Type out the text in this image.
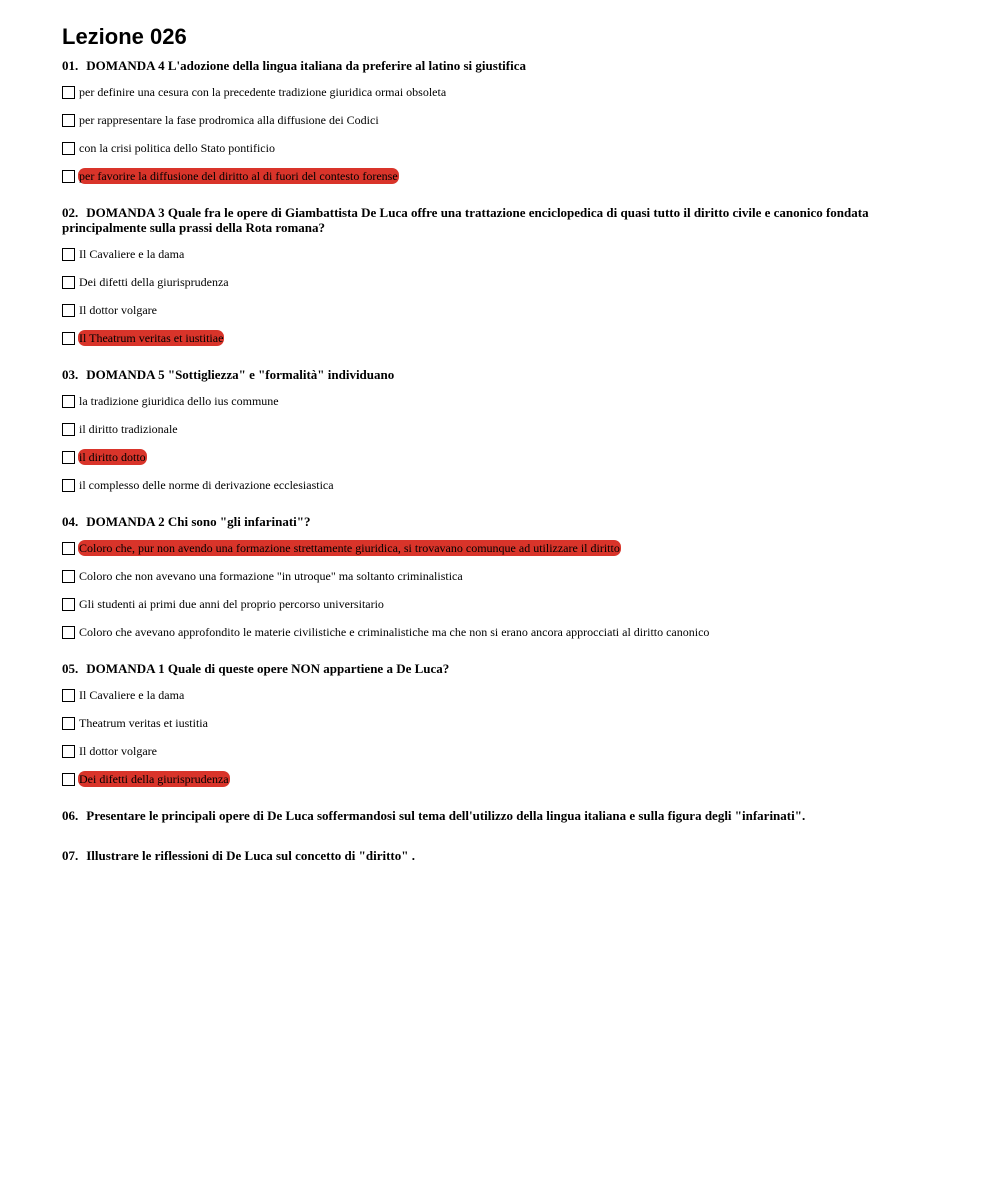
Lezione 026
01. DOMANDA 4 L'adozione della lingua italiana da preferire al latino si giustifica
per definire una cesura con la precedente tradizione giuridica ormai obsoleta
per rappresentare la fase prodromica alla diffusione dei Codici
con la crisi politica dello Stato pontificio
per favorire la diffusione del diritto al di fuori del contesto forense
02. DOMANDA 3 Quale fra le opere di Giambattista De Luca offre una trattazione enciclopedica di quasi tutto il diritto civile e canonico fondata principalmente sulla prassi della Rota romana?
Il Cavaliere e la dama
Dei difetti della giurisprudenza
Il dottor volgare
Il Theatrum veritas et iustitiae
03. DOMANDA 5 "Sottigliezza" e "formalità" individuano
la tradizione giuridica dello ius commune
il diritto tradizionale
il diritto dotto
il complesso delle norme di derivazione ecclesiastica
04. DOMANDA 2 Chi sono "gli infarinati"?
Coloro che, pur non avendo una formazione strettamente giuridica, si trovavano comunque ad utilizzare il diritto
Coloro che non avevano una formazione "in utroque" ma soltanto criminalistica
Gli studenti ai primi due anni del proprio percorso universitario
Coloro che avevano approfondito le materie civilistiche e criminalistiche ma che non si erano ancora approcciati al diritto canonico
05. DOMANDA 1 Quale di queste opere NON appartiene a De Luca?
Il Cavaliere e la dama
Theatrum veritas et iustitia
Il dottor volgare
Dei difetti della giurisprudenza
06. Presentare le principali opere di De Luca soffermandosi sul tema dell'utilizzo della lingua italiana e sulla figura degli "infarinati".
07. Illustrare le riflessioni di De Luca sul concetto di "diritto" .
